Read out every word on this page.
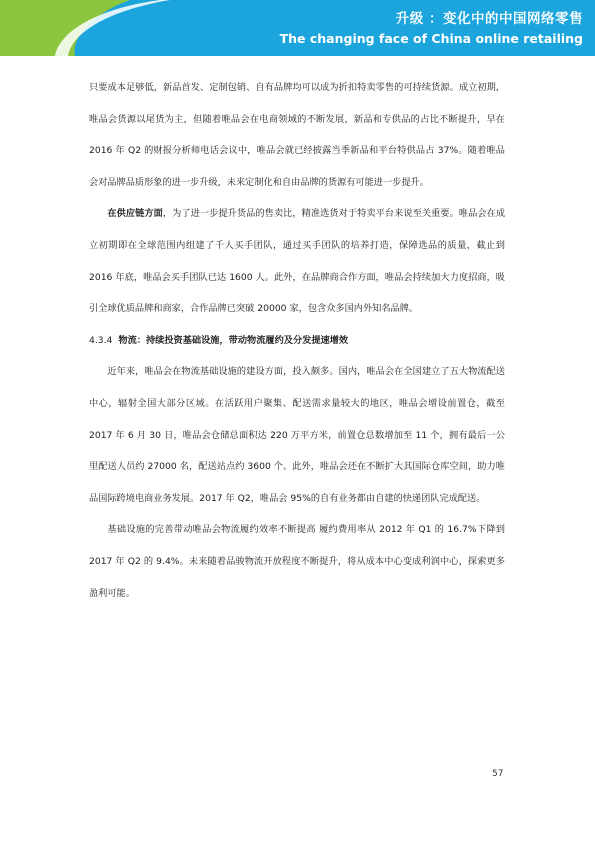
升级 ：变化中的中国网络零售
The changing face of China online retailing

只要成本足够低，新品首发、定制包销、自有品牌均可以成为折扣特卖零售的可持续货源。成立初期，唯品会货源以尾货为主，但随着唯品会在电商领域的不断发展，新品和专供品的占比不断提升，早在 2016 年 Q2 的财报分析师电话会议中，唯品会就已经披露当季新品和平台特供品占 37%。随着唯品会对品牌品质形象的进一步升级，未来定制化和自由品牌的货源有可能进一步提升。

在供应链方面，为了进一步提升货品的售卖比，精准选货对于特卖平台来说至关重要。唯品会在成立初期即在全球范围内组建了千人买手团队，通过买手团队的培养打造，保障选品的质量，截止到 2016 年底，唯品会买手团队已达 1600 人。此外，在品牌商合作方面，唯品会持续加大力度招商，吸引全球优质品牌和商家，合作品牌已突破 20000 家，包含众多国内外知名品牌。

4.3.4 物流：持续投资基础设施，带动物流履约及分发提速增效

近年来，唯品会在物流基础设施的建设方面，投入颇多。国内，唯品会在全国建立了五大物流配送中心，辐射全国大部分区域。在活跃用户聚集、配送需求量较大的地区，唯品会增设前置仓，截至 2017 年 6 月 30 日，唯品会仓储总面积达 220 万平方米，前置仓总数增加至 11 个，拥有最后一公里配送人员约 27000 名，配送站点约 3600 个。此外，唯品会还在不断扩大其国际仓库空间，助力唯品国际跨境电商业务发展。2017 年 Q2，唯品会 95%的自有业务都由自建的快递团队完成配送。

基础设施的完善带动唯品会物流履约效率不断提高 履约费用率从 2012 年 Q1 的 16.7%下降到 2017 年 Q2 的 9.4%。未来随着品骏物流开放程度不断提升，将从成本中心变成利润中心，探索更多盈利可能。

57
